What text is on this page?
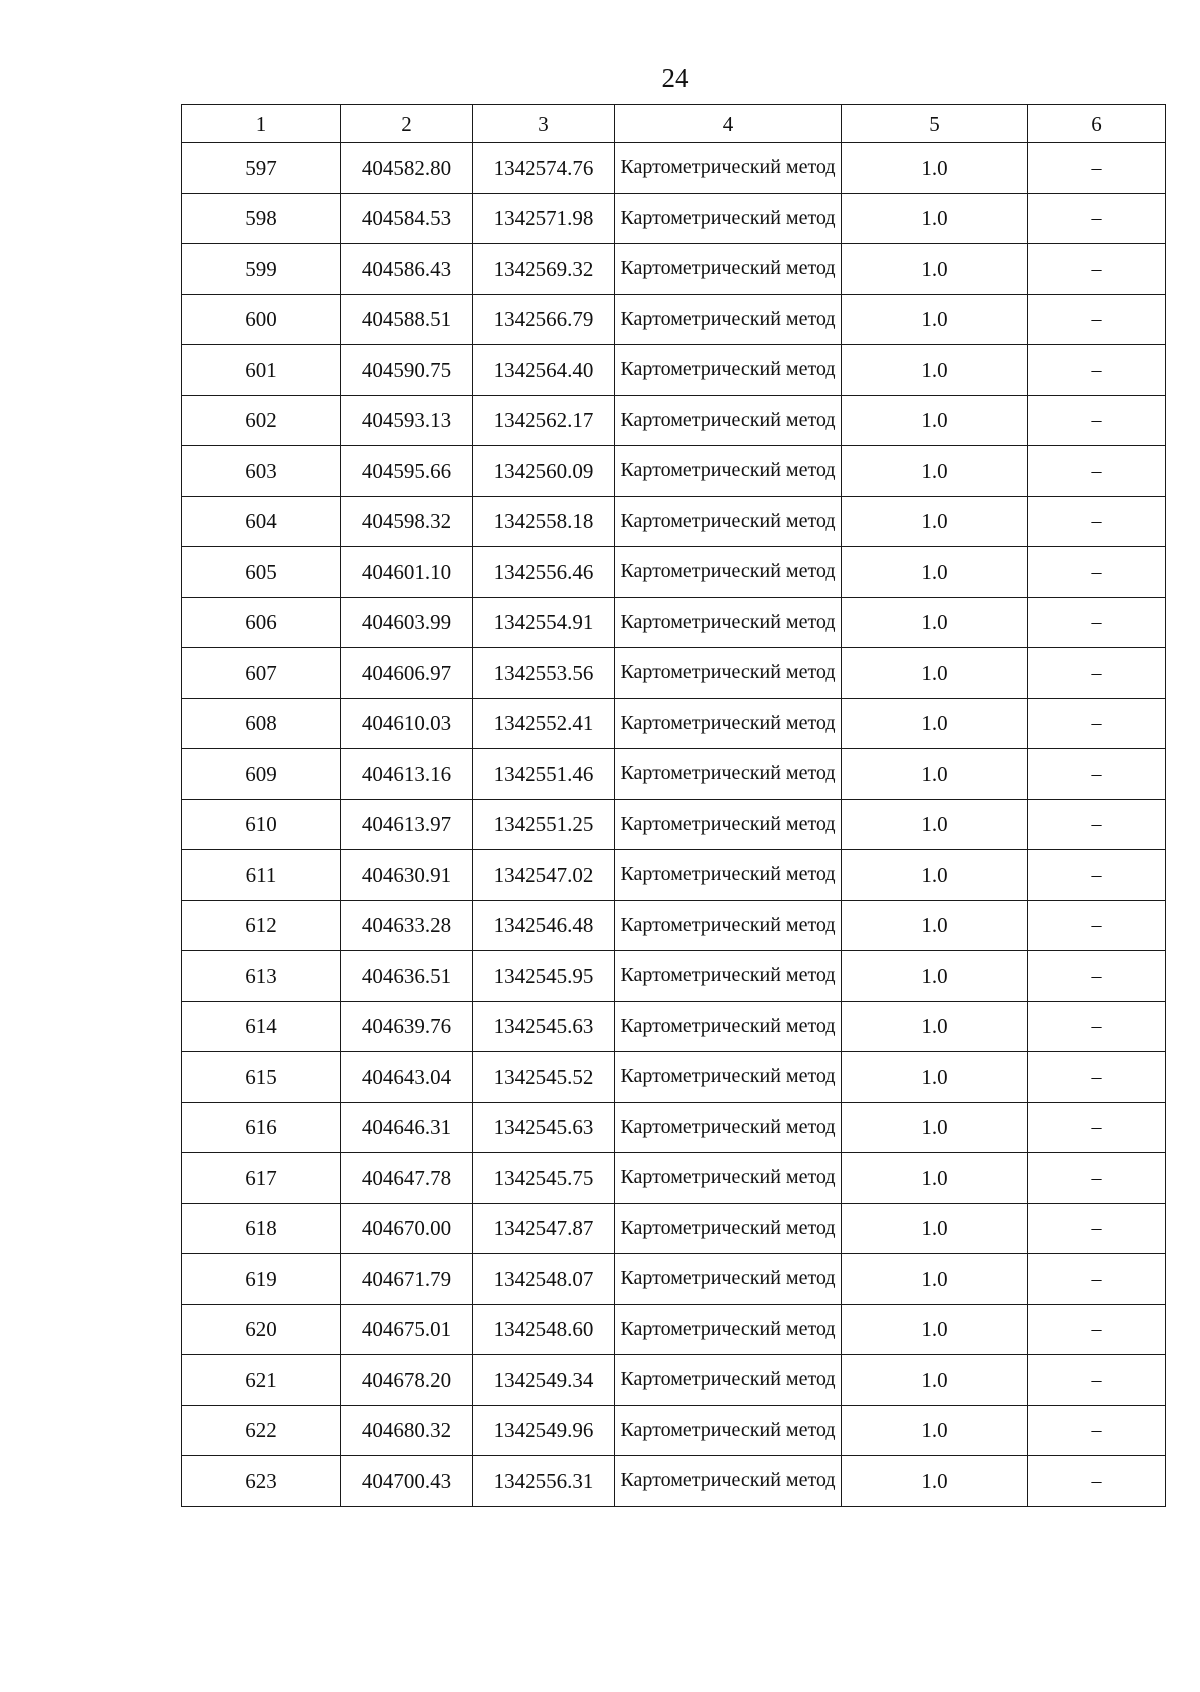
24
1	2	3	4	5	6
597	404582.80	1342574.76	Картометрический метод	1.0	–
598	404584.53	1342571.98	Картометрический метод	1.0	–
599	404586.43	1342569.32	Картометрический метод	1.0	–
600	404588.51	1342566.79	Картометрический метод	1.0	–
601	404590.75	1342564.40	Картометрический метод	1.0	–
602	404593.13	1342562.17	Картометрический метод	1.0	–
603	404595.66	1342560.09	Картометрический метод	1.0	–
604	404598.32	1342558.18	Картометрический метод	1.0	–
605	404601.10	1342556.46	Картометрический метод	1.0	–
606	404603.99	1342554.91	Картометрический метод	1.0	–
607	404606.97	1342553.56	Картометрический метод	1.0	–
608	404610.03	1342552.41	Картометрический метод	1.0	–
609	404613.16	1342551.46	Картометрический метод	1.0	–
610	404613.97	1342551.25	Картометрический метод	1.0	–
611	404630.91	1342547.02	Картометрический метод	1.0	–
612	404633.28	1342546.48	Картометрический метод	1.0	–
613	404636.51	1342545.95	Картометрический метод	1.0	–
614	404639.76	1342545.63	Картометрический метод	1.0	–
615	404643.04	1342545.52	Картометрический метод	1.0	–
616	404646.31	1342545.63	Картометрический метод	1.0	–
617	404647.78	1342545.75	Картометрический метод	1.0	–
618	404670.00	1342547.87	Картометрический метод	1.0	–
619	404671.79	1342548.07	Картометрический метод	1.0	–
620	404675.01	1342548.60	Картометрический метод	1.0	–
621	404678.20	1342549.34	Картометрический метод	1.0	–
622	404680.32	1342549.96	Картометрический метод	1.0	–
623	404700.43	1342556.31	Картометрический метод	1.0	–
